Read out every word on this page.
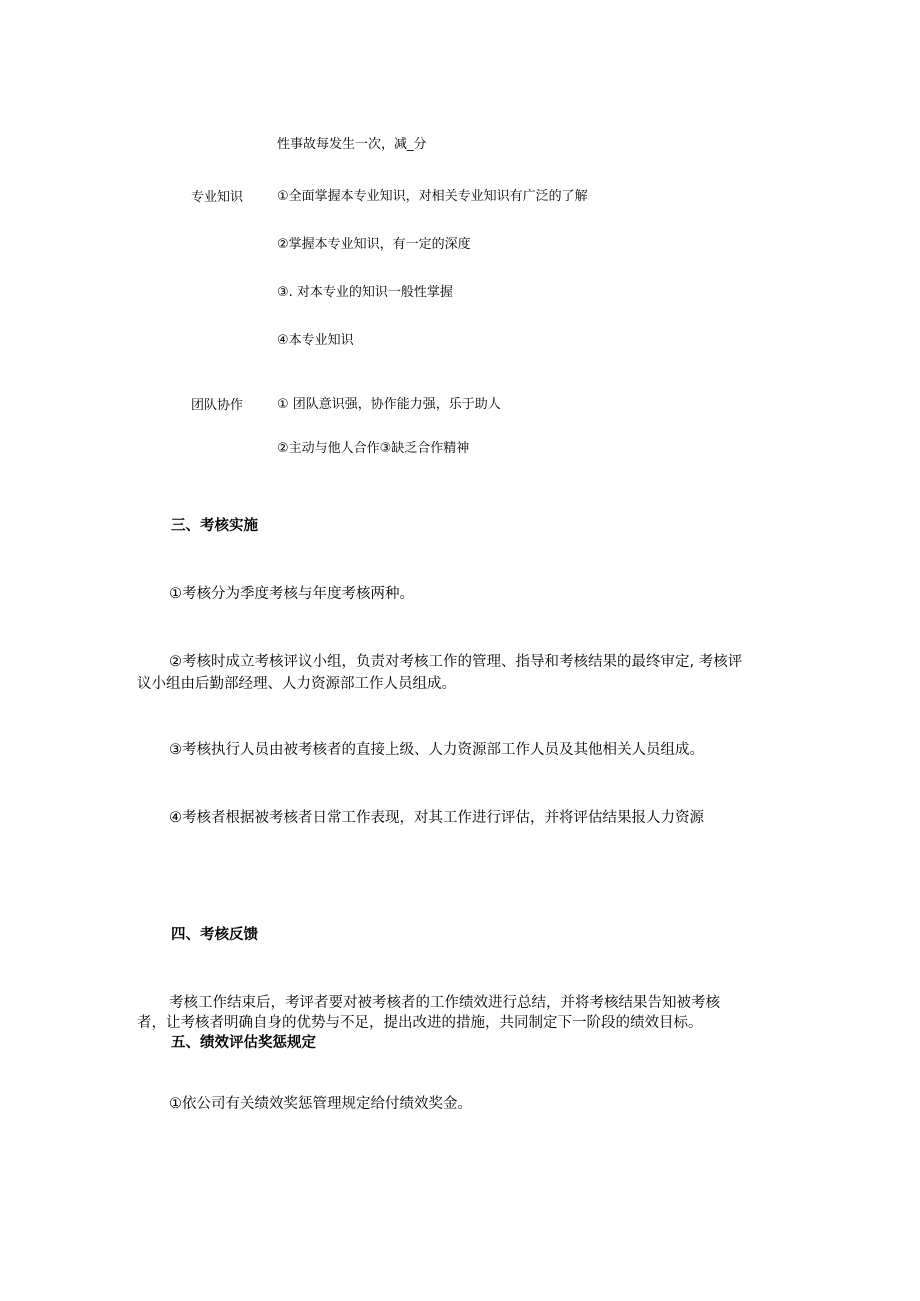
性事故每发生一次，减_分
专业知识	①全面掌握本专业知识，对相关专业知识有广泛的了解
②掌握本专业知识，有一定的深度
③. 对本专业的知识一般性掌握
④本专业知识
团队协作	① 团队意识强，协作能力强，乐于助人
②主动与他人合作③缺乏合作精神
三、考核实施
①考核分为季度考核与年度考核两种。
②考核时成立考核评议小组，负责对考核工作的管理、指导和考核结果的最终审定, 考核评
议小组由后勤部经理、人力资源部工作人员组成。
③考核执行人员由被考核者的直接上级、人力资源部工作人员及其他相关人员组成。
④考核者根据被考核者日常工作表现，对其工作进行评估，并将评估结果报人力资源
四、考核反馈
考核工作结束后，考评者要对被考核者的工作绩效进行总结，并将考核结果告知被考核
者，让考核者明确自身的优势与不足，提出改进的措施，共同制定下一阶段的绩效目标。
五、绩效评估奖惩规定
①依公司有关绩效奖惩管理规定给付绩效奖金。
